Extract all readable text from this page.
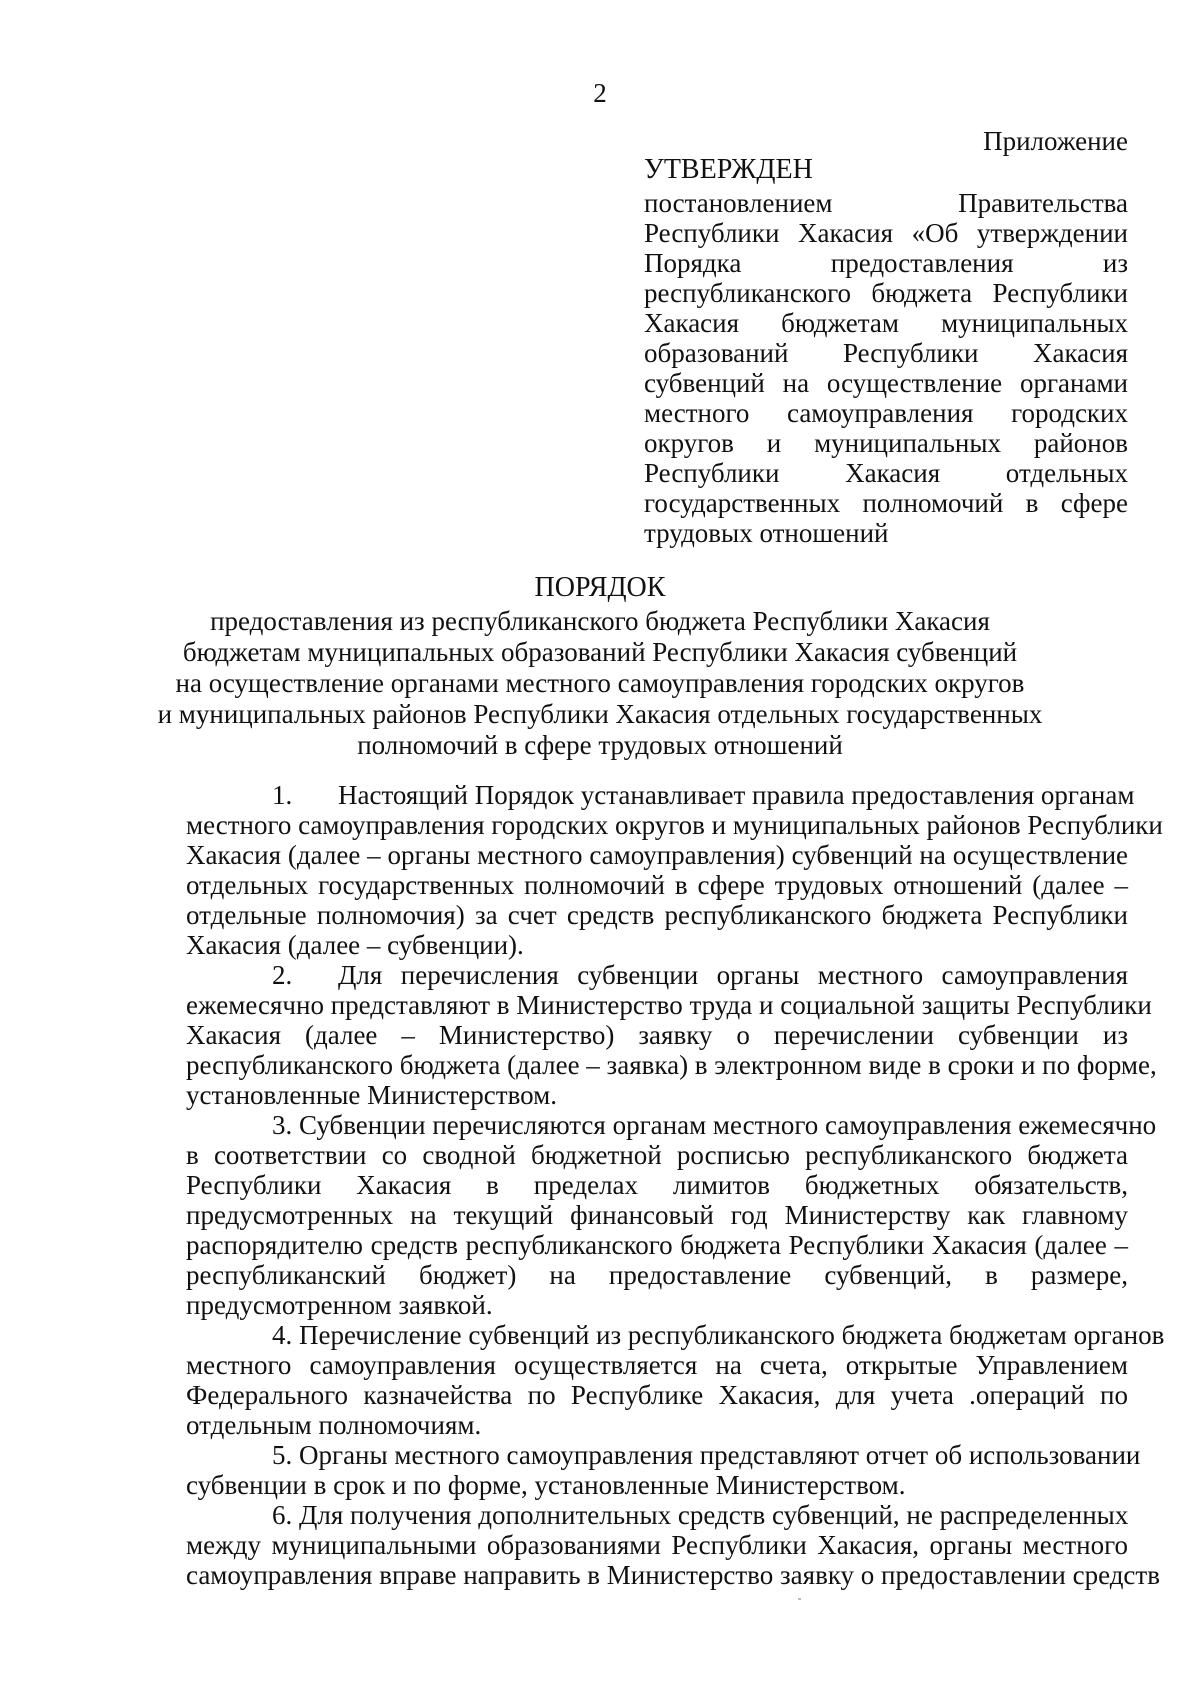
2
Приложение
УТВЕРЖДЕН
постановлением Правительства
Республики Хакасия «Об утверждении
Порядка предоставления из
республиканского бюджета Республики
Хакасия бюджетам муниципальных
образований Республики Хакасия
субвенций на осуществление органами
местного самоуправления городских
округов и муниципальных районов
Республики Хакасия отдельных
государственных полномочий в сфере
трудовых отношений
ПОРЯДОК
предоставления из республиканского бюджета Республики Хакасия
бюджетам муниципальных образований Республики Хакасия субвенций
на осуществление органами местного самоуправления городских округов
и муниципальных районов Республики Хакасия отдельных государственных
полномочий в сфере трудовых отношений
1. Настоящий Порядок устанавливает правила предоставления органам
местного самоуправления городских округов и муниципальных районов Республики
Хакасия (далее – органы местного самоуправления) субвенций на осуществление
отдельных государственных полномочий в сфере трудовых отношений (далее –
отдельные полномочия) за счет средств республиканского бюджета Республики
Хакасия (далее – субвенции).
2. Для перечисления субвенции органы местного самоуправления
ежемесячно представляют в Министерство труда и социальной защиты Республики
Хакасия (далее – Министерство) заявку о перечислении субвенции из
республиканского бюджета (далее – заявка) в электронном виде в сроки и по форме,
установленные Министерством.
3. Субвенции перечисляются органам местного самоуправления ежемесячно
в соответствии со сводной бюджетной росписью республиканского бюджета
Республики Хакасия в пределах лимитов бюджетных обязательств,
предусмотренных на текущий финансовый год Министерству как главному
распорядителю средств республиканского бюджета Республики Хакасия (далее –
республиканский бюджет) на предоставление субвенций, в размере,
предусмотренном заявкой.
4. Перечисление субвенций из республиканского бюджета бюджетам органов
местного самоуправления осуществляется на счета, открытые Управлением
Федерального казначейства по Республике Хакасия, для учета .операций по
отдельным полномочиям.
5. Органы местного самоуправления представляют отчет об использовании
субвенции в срок и по форме, установленные Министерством.
6. Для получения дополнительных средств субвенций, не распределенных
между муниципальными образованиями Республики Хакасия, органы местного
самоуправления вправе направить в Министерство заявку о предоставлении средств
